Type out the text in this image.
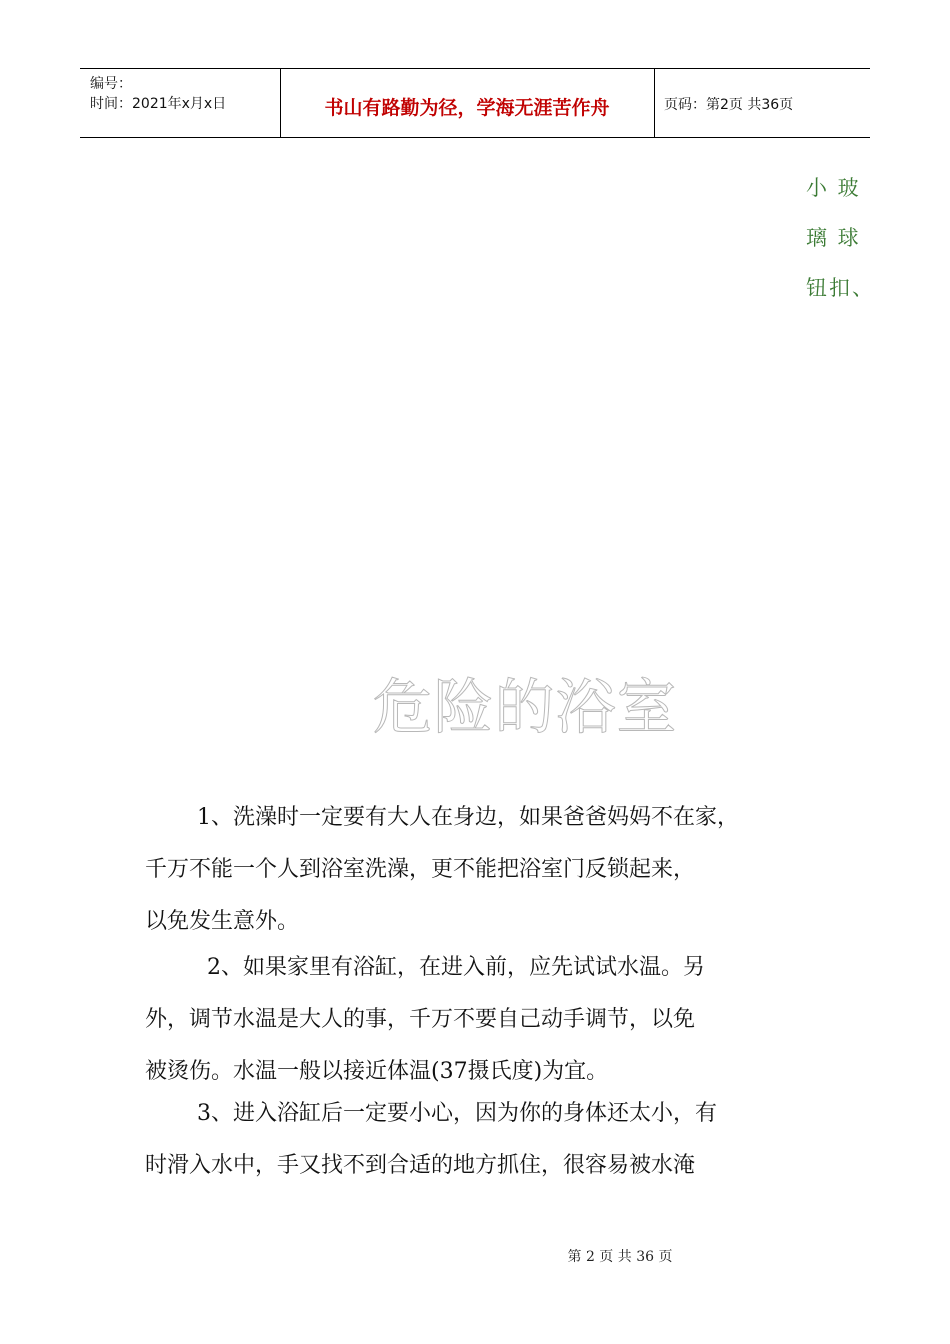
编号：
时间：2021年x月x日	书山有路勤为径，学海无涯苦作舟	页码：第2页 共36页
小 玻
璃 球
钮扣、
危险的浴室

1、洗澡时一定要有大人在身边，如果爸爸妈妈不在家，

千万不能一个人到浴室洗澡，更不能把浴室门反锁起来，

以免发生意外。

2、如果家里有浴缸，在进入前，应先试试水温。另

外，调节水温是大人的事，千万不要自己动手调节，以免

被烫伤。水温一般以接近体温(37摄氏度)为宜。

3、进入浴缸后一定要小心，因为你的身体还太小，有

时滑入水中，手又找不到合适的地方抓住，很容易被水淹

第 2 页 共 36 页
